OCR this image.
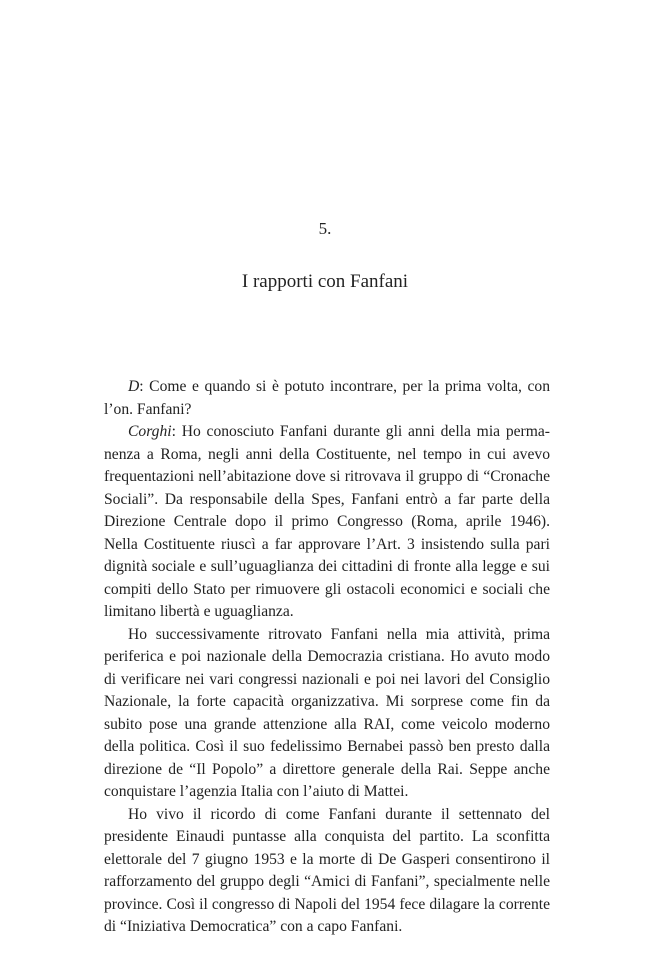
5.
I rapporti con Fanfani

D: Come e quando si è potuto incontrare, per la prima volta, con l’on. Fanfani?

Corghi: Ho conosciuto Fanfani durante gli anni della mia permanenza a Roma, negli anni della Costituente, nel tempo in cui avevo frequentazioni nell’abitazione dove si ritrovava il gruppo di “Cronache Sociali”. Da responsabile della Spes, Fanfani entrò a far parte della Direzione Centrale dopo il primo Congresso (Roma, aprile 1946). Nella Costituente riuscì a far approvare l’Art. 3 insistendo sulla pari dignità sociale e sull’uguaglianza dei cittadini di fronte alla legge e sui compiti dello Stato per rimuovere gli ostacoli economici e sociali che limitano libertà e uguaglianza.

Ho successivamente ritrovato Fanfani nella mia attività, prima periferica e poi nazionale della Democrazia cristiana. Ho avuto modo di verificare nei vari congressi nazionali e poi nei lavori del Consiglio Nazionale, la forte capacità organizzativa. Mi sorprese come fin da subito pose una grande attenzione alla RAI, come veicolo moderno della politica. Così il suo fedelissimo Bernabei passò ben presto dalla direzione de “Il Popolo” a direttore generale della Rai. Seppe anche conquistare l’agenzia Italia con l’aiuto di Mattei.

Ho vivo il ricordo di come Fanfani durante il settennato del presidente Einaudi puntasse alla conquista del partito. La sconfitta elettorale del 7 giugno 1953 e la morte di De Gasperi consentirono il rafforzamento del gruppo degli “Amici di Fanfani”, specialmente nelle province. Così il congresso di Napoli del 1954 fece dilagare la corrente di “Iniziativa Democratica” con a capo Fanfani.
